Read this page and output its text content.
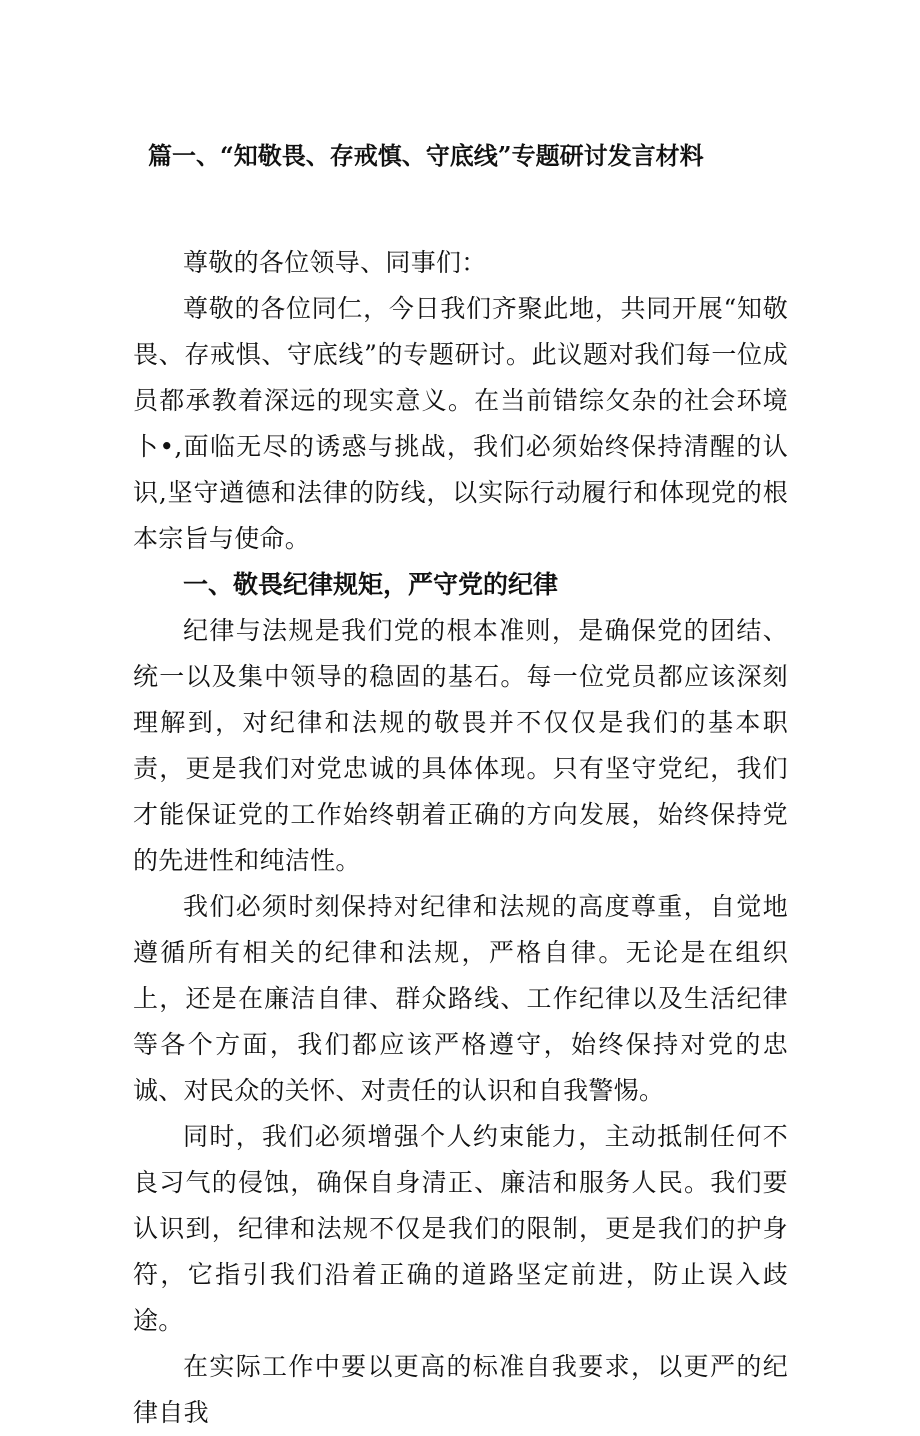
篇一、“知敬畏、存戒慎、守底线”专题研讨发言材料

尊敬的各位领导、同事们：

尊敬的各位同仁，今日我们齐聚此地，共同开展“知敬畏、存戒惧、守底线”的专题研讨。此议题对我们每一位成员都承教着深远的现实意义。在当前错综攵杂的社会环境卜•,面临无尽的诱惑与挑战，我们必须始终保持清醒的认识,坚守遒德和法律的防线，以实际行动履行和体现党的根本宗旨与使命。

一、敬畏纪律规矩，严守党的纪律

纪律与法规是我们党的根本准则，是确保党的团结、统一以及集中领导的稳固的基石。每一位党员都应该深刻理解到，对纪律和法规的敬畏并不仅仅是我们的基本职责，更是我们对党忠诚的具体体现。只有坚守党纪，我们才能保证党的工作始终朝着正确的方向发展，始终保持党的先进性和纯洁性。

我们必须时刻保持对纪律和法规的高度尊重，自觉地遵循所有相关的纪律和法规，严格自律。无论是在组织上，还是在廉洁自律、群众路线、工作纪律以及生活纪律等各个方面，我们都应该严格遵守，始终保持对党的忠诚、对民众的关怀、对责任的认识和自我警惕。

同时，我们必须增强个人约束能力，主动抵制任何不良习气的侵蚀，确保自身清正、廉洁和服务人民。我们要认识到，纪律和法规不仅是我们的限制，更是我们的护身符，它指引我们沿着正确的道路坚定前进，防止误入歧途。

在实际工作中要以更高的标准自我要求，以更严的纪律自我
